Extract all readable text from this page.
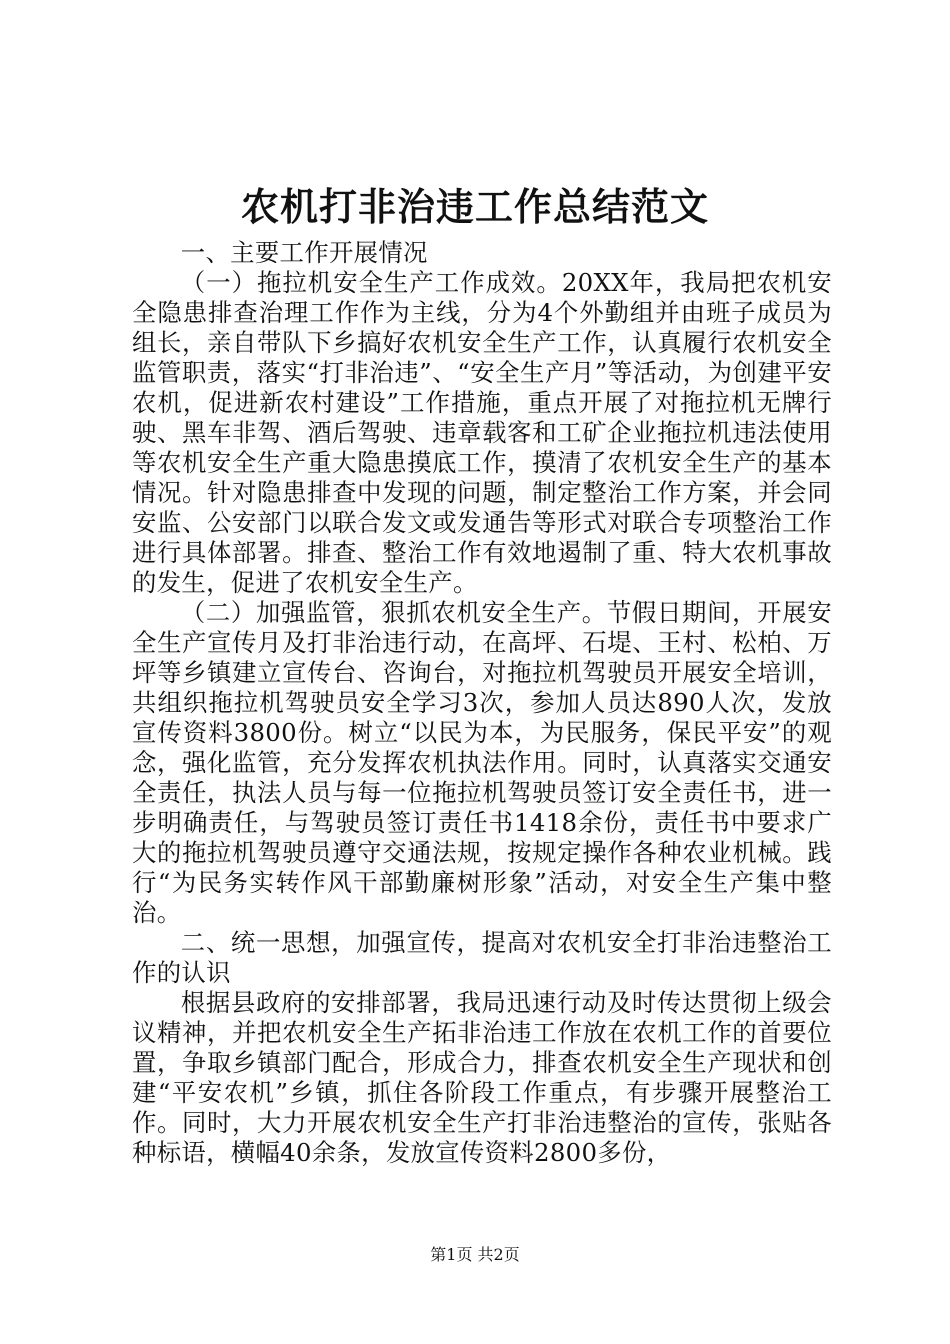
农机打非治违工作总结范文

一、主要工作开展情况

（一）拖拉机安全生产工作成效。20XX年，我局把农机安全隐患排查治理工作作为主线，分为4个外勤组并由班子成员为组长，亲自带队下乡搞好农机安全生产工作，认真履行农机安全监管职责，落实“打非治违”、“安全生产月”等活动，为创建平安农机，促进新农村建设”工作措施，重点开展了对拖拉机无牌行驶、黑车非驾、酒后驾驶、违章载客和工矿企业拖拉机违法使用等农机安全生产重大隐患摸底工作，摸清了农机安全生产的基本情况。针对隐患排查中发现的问题，制定整治工作方案，并会同安监、公安部门以联合发文或发通告等形式对联合专项整治工作进行具体部署。排查、整治工作有效地遏制了重、特大农机事故的发生，促进了农机安全生产。

（二）加强监管，狠抓农机安全生产。节假日期间，开展安全生产宣传月及打非治违行动，在高坪、石堤、王村、松柏、万坪等乡镇建立宣传台、咨询台，对拖拉机驾驶员开展安全培训，共组织拖拉机驾驶员安全学习3次，参加人员达890人次，发放宣传资料3800份。树立“以民为本，为民服务，保民平安”的观念，强化监管，充分发挥农机执法作用。同时，认真落实交通安全责任，执法人员与每一位拖拉机驾驶员签订安全责任书，进一步明确责任，与驾驶员签订责任书1418余份，责任书中要求广大的拖拉机驾驶员遵守交通法规，按规定操作各种农业机械。践行“为民务实转作风干部勤廉树形象”活动，对安全生产集中整治。

二、统一思想，加强宣传，提高对农机安全打非治违整治工作的认识

根据县政府的安排部署，我局迅速行动及时传达贯彻上级会议精神，并把农机安全生产拓非治违工作放在农机工作的首要位置，争取乡镇部门配合，形成合力，排查农机安全生产现状和创建“平安农机”乡镇，抓住各阶段工作重点，有步骤开展整治工作。同时，大力开展农机安全生产打非治违整治的宣传，张贴各种标语，横幅40余条，发放宣传资料2800多份，

第1页 共2页
